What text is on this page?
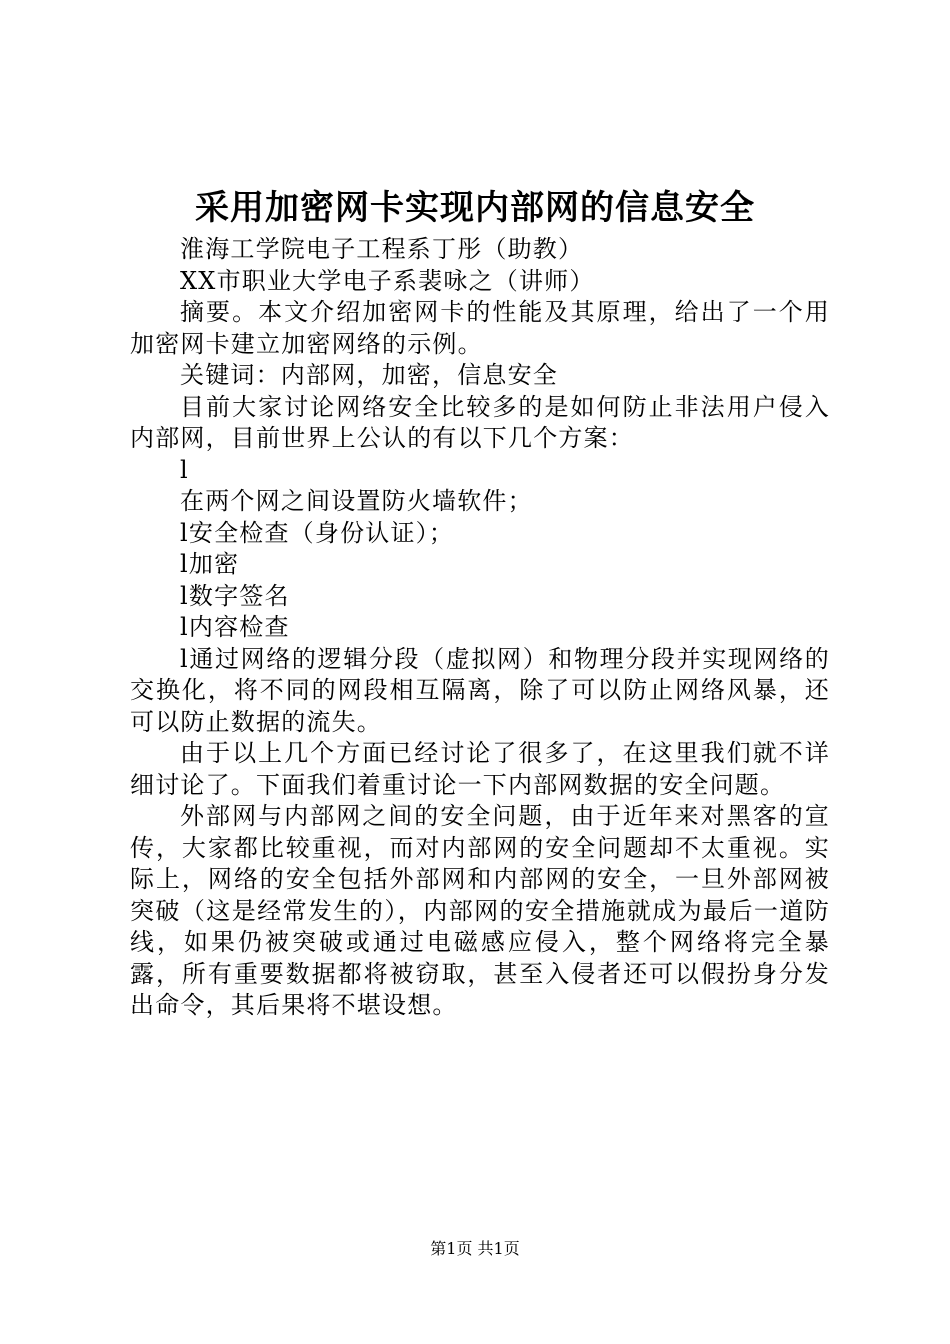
采用加密网卡实现内部网的信息安全

淮海工学院电子工程系丁彤（助教）

XX市职业大学电子系裴咏之（讲师）

摘要。本文介绍加密网卡的性能及其原理，给出了一个用加密网卡建立加密网络的示例。

关键词：内部网，加密，信息安全

目前大家讨论网络安全比较多的是如何防止非法用户侵入内部网，目前世界上公认的有以下几个方案：

l

在两个网之间设置防火墙软件；

l安全检查（身份认证）；

l加密

l数字签名

l内容检查

l通过网络的逻辑分段（虚拟网）和物理分段并实现网络的交换化，将不同的网段相互隔离，除了可以防止网络风暴，还可以防止数据的流失。

由于以上几个方面已经讨论了很多了，在这里我们就不详细讨论了。下面我们着重讨论一下内部网数据的安全问题。

外部网与内部网之间的安全问题，由于近年来对黑客的宣传，大家都比较重视，而对内部网的安全问题却不太重视。实际上，网络的安全包括外部网和内部网的安全，一旦外部网被突破（这是经常发生的），内部网的安全措施就成为最后一道防线，如果仍被突破或通过电磁感应侵入，整个网络将完全暴露，所有重要数据都将被窃取，甚至入侵者还可以假扮身分发出命令，其后果将不堪设想。

第1页 共1页
